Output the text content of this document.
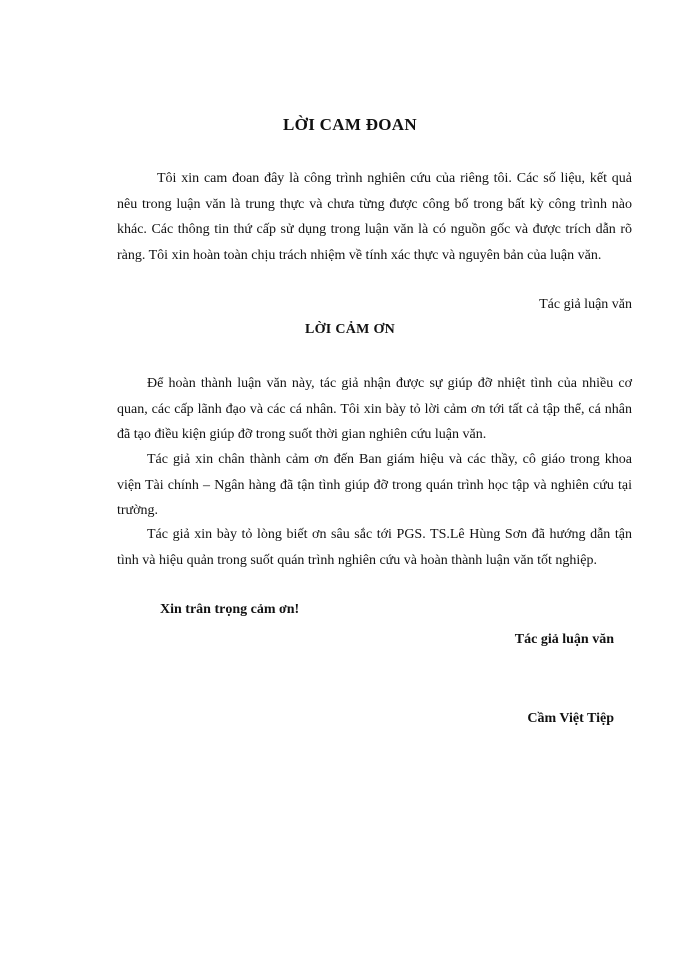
LỜI CAM ĐOAN
Tôi xin cam đoan đây là công trình nghiên cứu của riêng tôi. Các số liệu, kết quả nêu trong luận văn là trung thực và chưa từng được công bố trong bất kỳ công trình nào khác. Các thông tin thứ cấp sử dụng trong luận văn là có nguồn gốc và được trích dẫn rõ ràng. Tôi xin hoàn toàn chịu trách nhiệm về tính xác thực và nguyên bản của luận văn.
Tác giả luận văn
LỜI CẢM ƠN
Để hoàn thành luận văn này, tác giả nhận được sự giúp đỡ nhiệt tình của nhiều cơ quan, các cấp lãnh đạo và các cá nhân. Tôi xin bày tỏ lời cảm ơn tới tất cả tập thể, cá nhân đã tạo điều kiện giúp đỡ trong suốt thời gian nghiên cứu luận văn.
Tác giả xin chân thành cảm ơn đến Ban giám hiệu và các thầy, cô giáo trong khoa viện Tài chính – Ngân hàng đã tận tình giúp đỡ trong quán trình học tập và nghiên cứu tại trường.
Tác giả xin bày tỏ lòng biết ơn sâu sắc tới PGS. TS.Lê Hùng Sơn đã hướng dẫn tận tình và hiệu quản trong suốt quán trình nghiên cứu và hoàn thành luận văn tốt nghiệp.
Xin trân trọng cảm ơn!
Tác giả luận văn
Cầm Việt Tiệp
